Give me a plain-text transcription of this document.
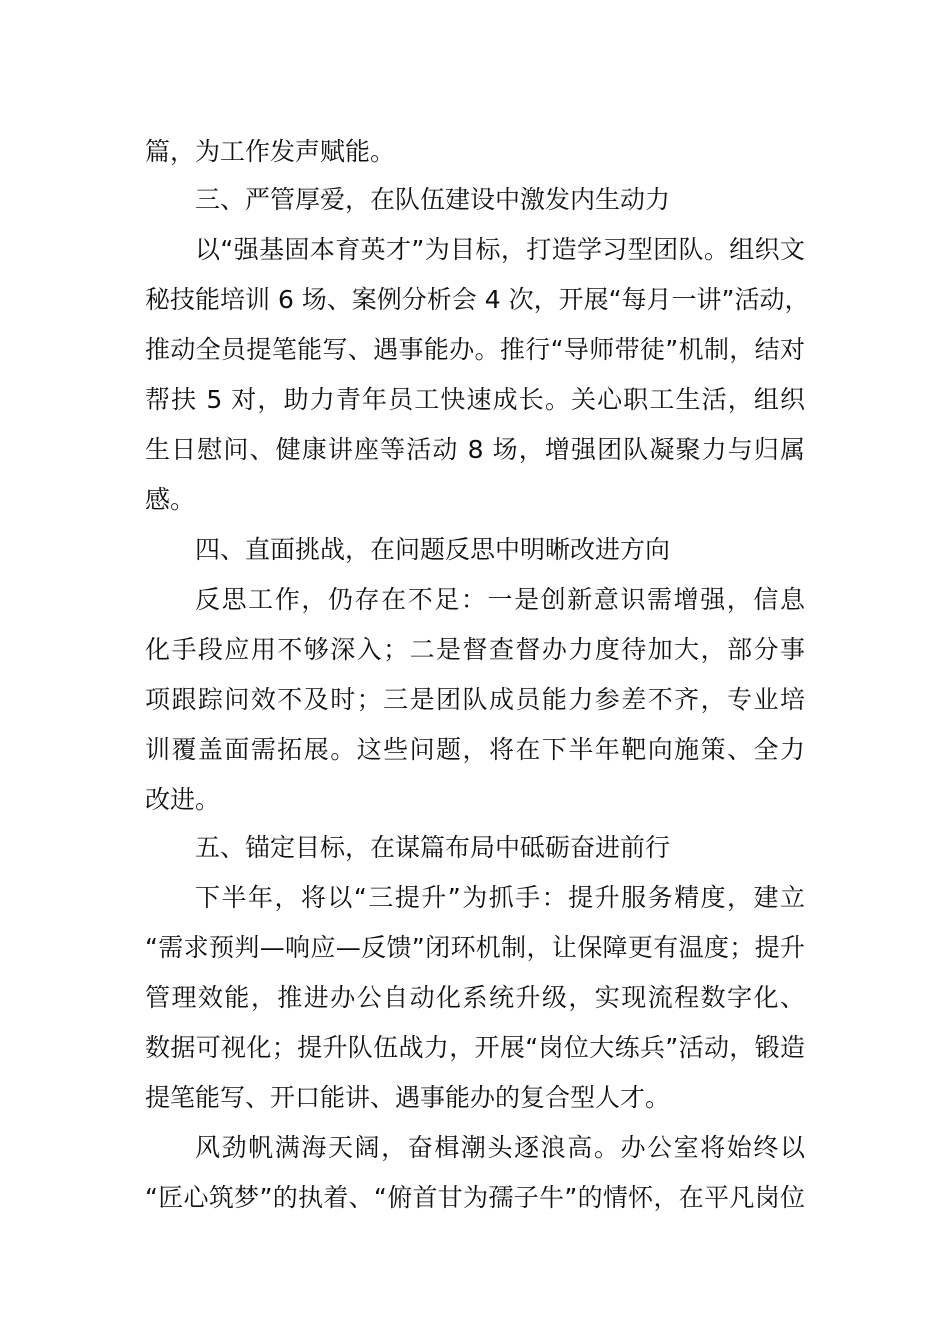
篇，为工作发声赋能。

三、严管厚爱，在队伍建设中激发内生动力

以“强基固本育英才”为目标，打造学习型团队。组织文

秘技能培训 6 场、案例分析会 4 次，开展“每月一讲”活动，

推动全员提笔能写、遇事能办。推行“导师带徒”机制，结对

帮扶 5 对，助力青年员工快速成长。关心职工生活，组织

生日慰问、健康讲座等活动 8 场，增强团队凝聚力与归属

感。

四、直面挑战，在问题反思中明晰改进方向

反思工作，仍存在不足：一是创新意识需增强，信息

化手段应用不够深入；二是督查督办力度待加大，部分事

项跟踪问效不及时；三是团队成员能力参差不齐，专业培

训覆盖面需拓展。这些问题，将在下半年靶向施策、全力

改进。

五、锚定目标，在谋篇布局中砥砺奋进前行

下半年，将以“三提升”为抓手：提升服务精度，建立

“需求预判—响应—反馈”闭环机制，让保障更有温度；提升

管理效能，推进办公自动化系统升级，实现流程数字化、

数据可视化；提升队伍战力，开展“岗位大练兵”活动，锻造

提笔能写、开口能讲、遇事能办的复合型人才。

风劲帆满海天阔，奋楫潮头逐浪高。办公室将始终以

“匠心筑梦”的执着、“俯首甘为孺子牛”的情怀，在平凡岗位
